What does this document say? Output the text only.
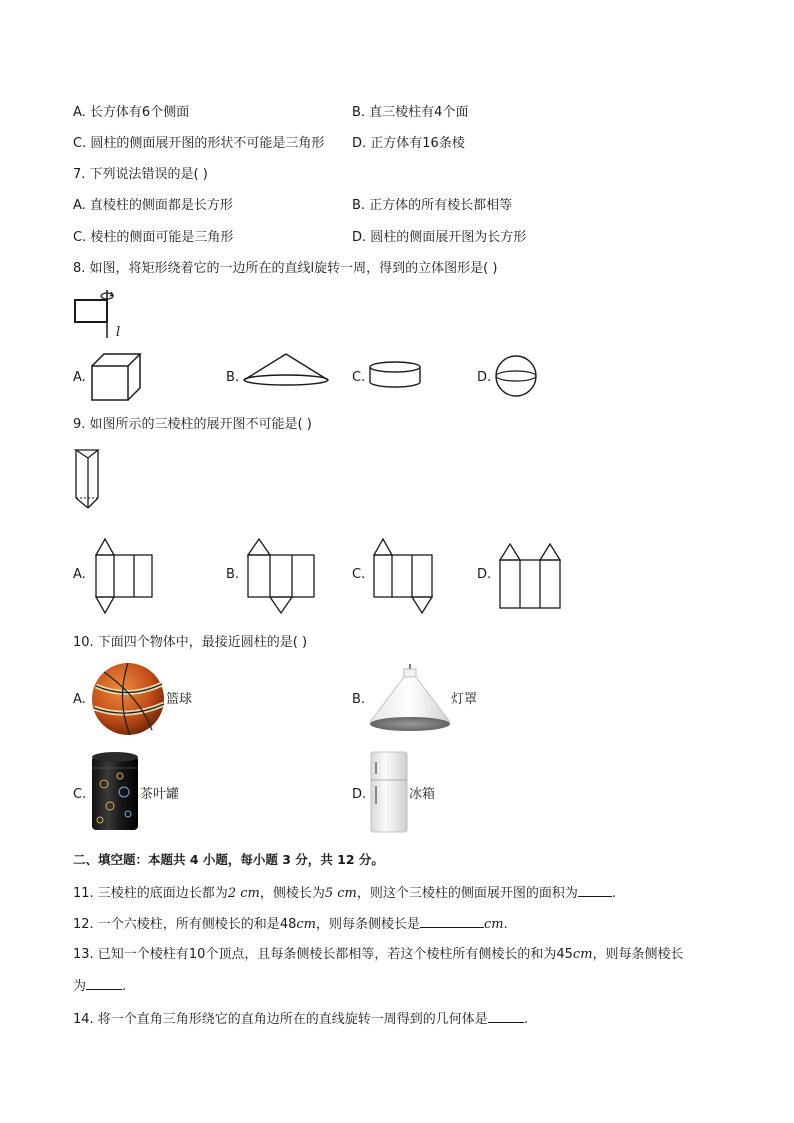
A. 长方体有6个侧面	B. 直三棱柱有4个面
C. 圆柱的侧面展开图的形状不可能是三角形 D. 正方体有16条棱
7. 下列说法错误的是( )
A. 直棱柱的侧面都是长方形	B. 正方体的所有棱长都相等
C. 棱柱的侧面可能是三角形	D. 圆柱的侧面展开图为长方形
8. 如图，将矩形绕着它的一边所在的直线l旋转一周，得到的立体图形是( )
l
A.	B.	C.	D.
9. 如图所示的三棱柱的展开图不可能是( )
A.	B.	C.	D.
10. 下面四个物体中，最接近圆柱的是( )
A.	篮球	B.	灯罩
C.	茶叶罐	D.	冰箱
二、填空题：本题共 4 小题，每小题 3 分，共 12 分。
11. 三棱柱的底面边长都为2 cm，侧棱长为5 cm，则这个三棱柱的侧面展开图的面积为	.
12. 一个六棱柱，所有侧棱长的和是48cm，则每条侧棱长是	cm.
13. 已知一个棱柱有10个顶点，且每条侧棱长都相等，若这个棱柱所有侧棱长的和为45cm，则每条侧棱长
为	.
14. 将一个直角三角形绕它的直角边所在的直线旋转一周得到的几何体是	.
